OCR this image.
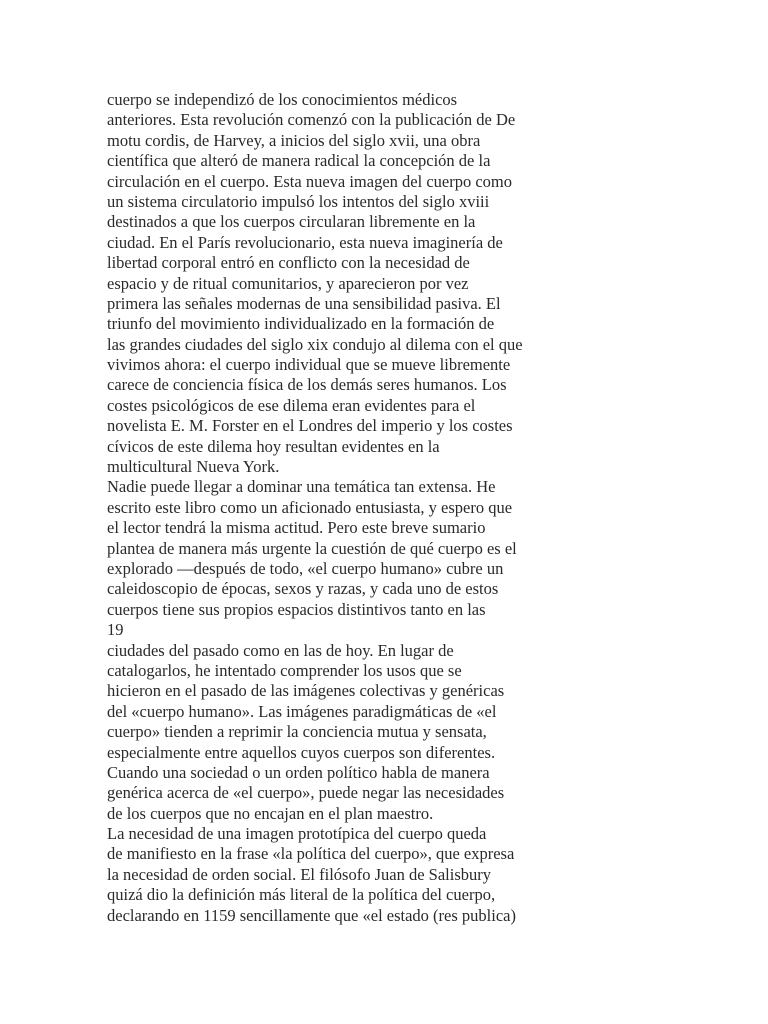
cuerpo se independizó de los conocimientos médicos
anteriores. Esta revolución comenzó con la publicación de De
motu cordis, de Harvey, a inicios del siglo xvii, una obra
científica que alteró de manera radical la concepción de la
circulación en el cuerpo. Esta nueva imagen del cuerpo como
un sistema circulatorio impulsó los intentos del siglo xviii
destinados a que los cuerpos circularan libremente en la
ciudad. En el París revolucionario, esta nueva imaginería de
libertad corporal entró en conflicto con la necesidad de
espacio y de ritual comunitarios, y aparecieron por vez
primera las señales modernas de una sensibilidad pasiva. El
triunfo del movimiento individualizado en la formación de
las grandes ciudades del siglo xix condujo al dilema con el que
vivimos ahora: el cuerpo individual que se mueve libremente
carece de conciencia física de los demás seres humanos. Los
costes psicológicos de ese dilema eran evidentes para el
novelista E. M. Forster en el Londres del imperio y los costes
cívicos de este dilema hoy resultan evidentes en la
multicultural Nueva York.
Nadie puede llegar a dominar una temática tan extensa. He
escrito este libro como un aficionado entusiasta, y espero que
el lector tendrá la misma actitud. Pero este breve sumario
plantea de manera más urgente la cuestión de qué cuerpo es el
explorado —después de todo, «el cuerpo humano» cubre un
caleidoscopio de épocas, sexos y razas, y cada uno de estos
cuerpos tiene sus propios espacios distintivos tanto en las
19
ciudades del pasado como en las de hoy. En lugar de
catalogarlos, he intentado comprender los usos que se
hicieron en el pasado de las imágenes colectivas y genéricas
del «cuerpo humano». Las imágenes paradigmáticas de «el
cuerpo» tienden a reprimir la conciencia mutua y sensata,
especialmente entre aquellos cuyos cuerpos son diferentes.
Cuando una sociedad o un orden político habla de manera
genérica acerca de «el cuerpo», puede negar las necesidades
de los cuerpos que no encajan en el plan maestro.
La necesidad de una imagen prototípica del cuerpo queda
de manifiesto en la frase «la política del cuerpo», que expresa
la necesidad de orden social. El filósofo Juan de Salisbury
quizá dio la definición más literal de la política del cuerpo,
declarando en 1159 sencillamente que «el estado (res publica)
